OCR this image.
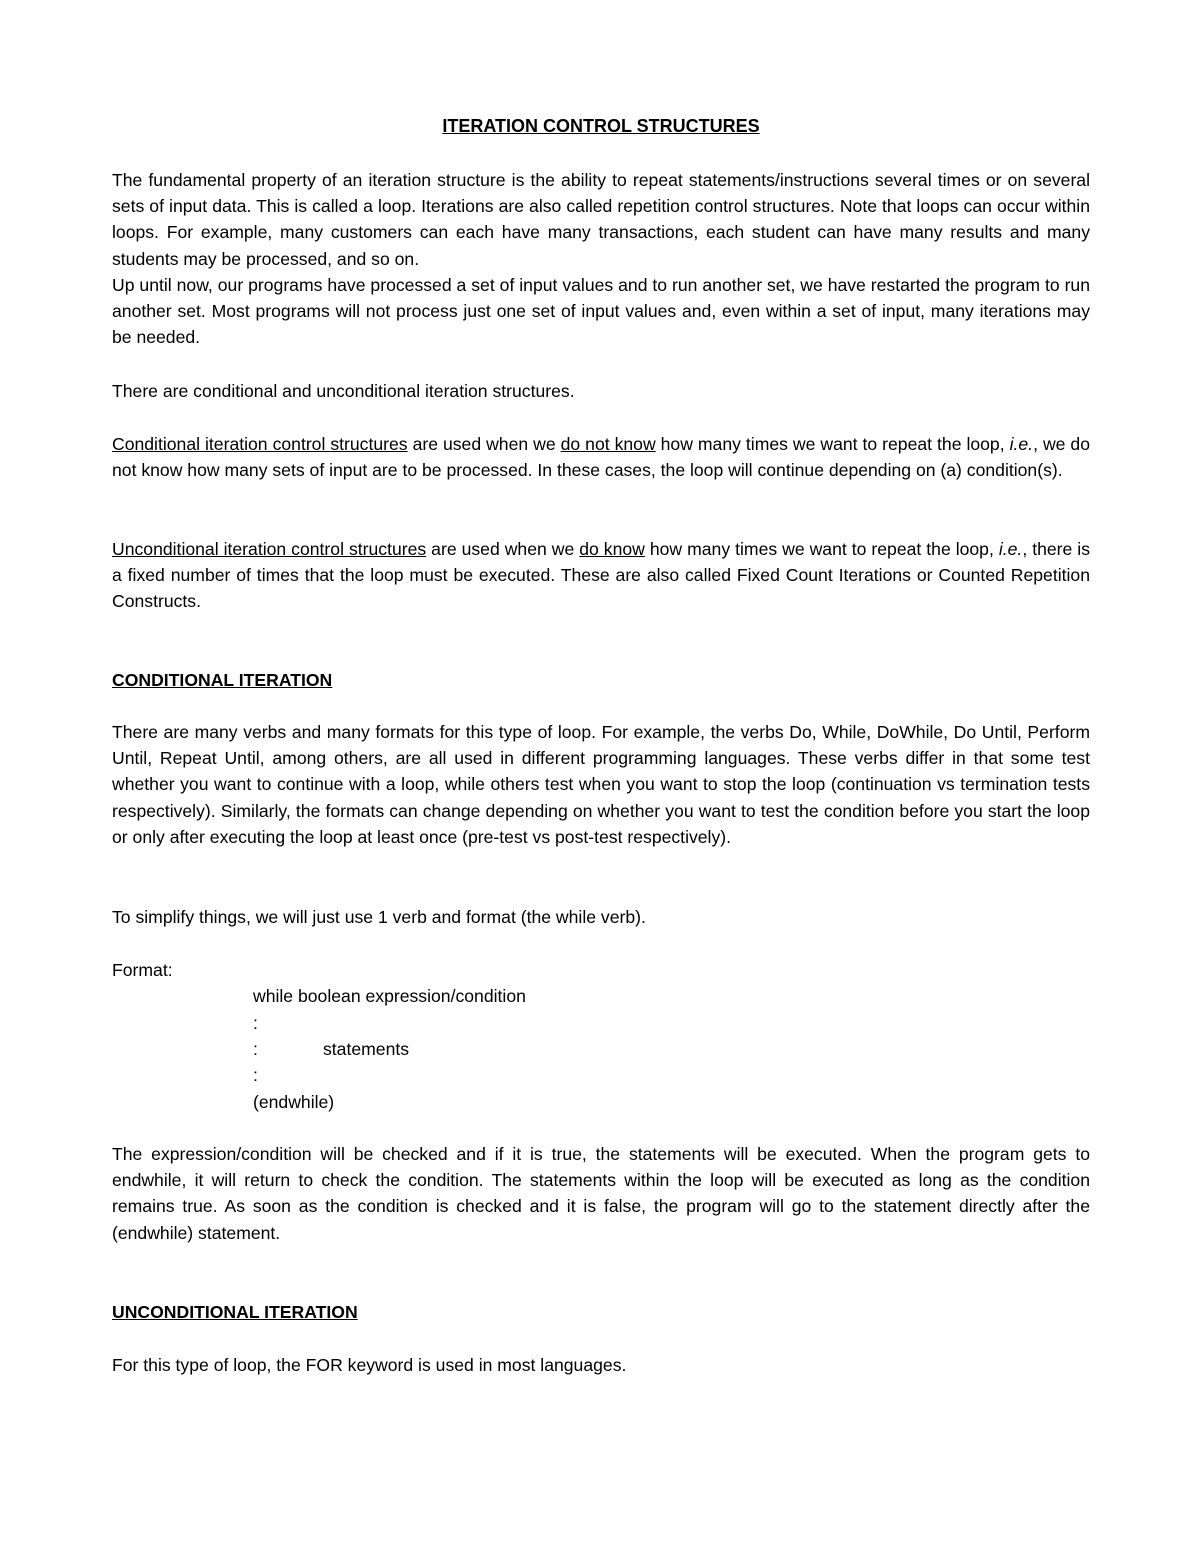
ITERATION CONTROL STRUCTURES

The fundamental property of an iteration structure is the ability to repeat statements/instructions several times or on several sets of input data. This is called a loop. Iterations are also called repetition control structures. Note that loops can occur within loops. For example, many customers can each have many transactions, each student can have many results and many students may be processed, and so on.

Up until now, our programs have processed a set of input values and to run another set, we have restarted the program to run another set. Most programs will not process just one set of input values and, even within a set of input, many iterations may be needed.

There are conditional and unconditional iteration structures.

Conditional iteration control structures are used when we do not know how many times we want to repeat the loop, i.e., we do not know how many sets of input are to be processed. In these cases, the loop will continue depending on (a) condition(s).

Unconditional iteration control structures are used when we do know how many times we want to repeat the loop, i.e., there is a fixed number of times that the loop must be executed. These are also called Fixed Count Iterations or Counted Repetition Constructs.

CONDITIONAL ITERATION

There are many verbs and many formats for this type of loop. For example, the verbs Do, While, DoWhile, Do Until, Perform Until, Repeat Until, among others, are all used in different programming languages. These verbs differ in that some test whether you want to continue with a loop, while others test when you want to stop the loop (continuation vs termination tests respectively). Similarly, the formats can change depending on whether you want to test the condition before you start the loop or only after executing the loop at least once (pre-test vs post-test respectively).

To simplify things, we will just use 1 verb and format (the while verb).

Format:
while boolean expression/condition
:
:	statements
:
(endwhile)

The expression/condition will be checked and if it is true, the statements will be executed. When the program gets to endwhile, it will return to check the condition. The statements within the loop will be executed as long as the condition remains true. As soon as the condition is checked and it is false, the program will go to the statement directly after the (endwhile) statement.

UNCONDITIONAL ITERATION

For this type of loop, the FOR keyword is used in most languages.
